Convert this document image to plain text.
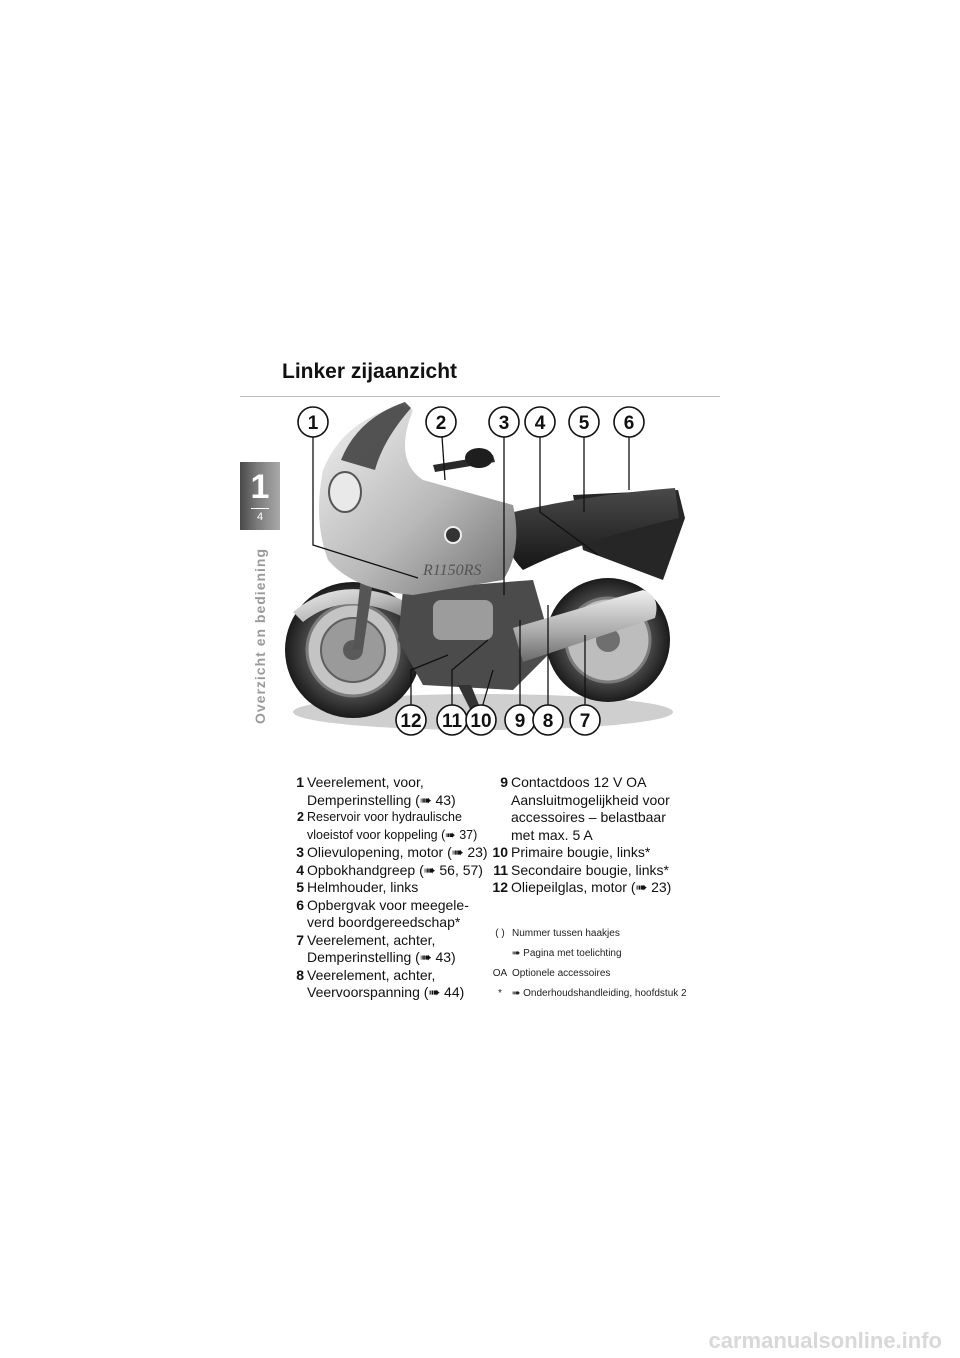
Linker zijaanzicht
1
4
Overzicht en bediening	R1150RS
1	2	3 4 5 6
12 11 10 9 8 7
1 Veerelement, voor,
Demperinstelling (➠ 43)
2 Reservoir voor hydraulische
vloeistof voor koppeling (➠ 37)
3 Olievulopening, motor (➠ 23)
4 Opbokhandgreep (➠ 56, 57)
5 Helmhouder, links
6 Opbergvak voor meegele-
verd boordgereedschap*
7 Veerelement, achter,
Demperinstelling (➠ 43)
8 Veerelement, achter,
Veervoorspanning (➠ 44)
9 Contactdoos 12 V OA
Aansluitmogelijkheid voor
accessoires – belastbaar
met max. 5 A
10 Primaire bougie, links*
11 Secondaire bougie, links*
12 Oliepeilglas, motor (➠ 23)
( ) Nummer tussen haakjes
➠ Pagina met toelichting
OA Optionele accessoires
*	➠ Onderhoudshandleiding, hoofdstuk 2
carmanualsonline.info
